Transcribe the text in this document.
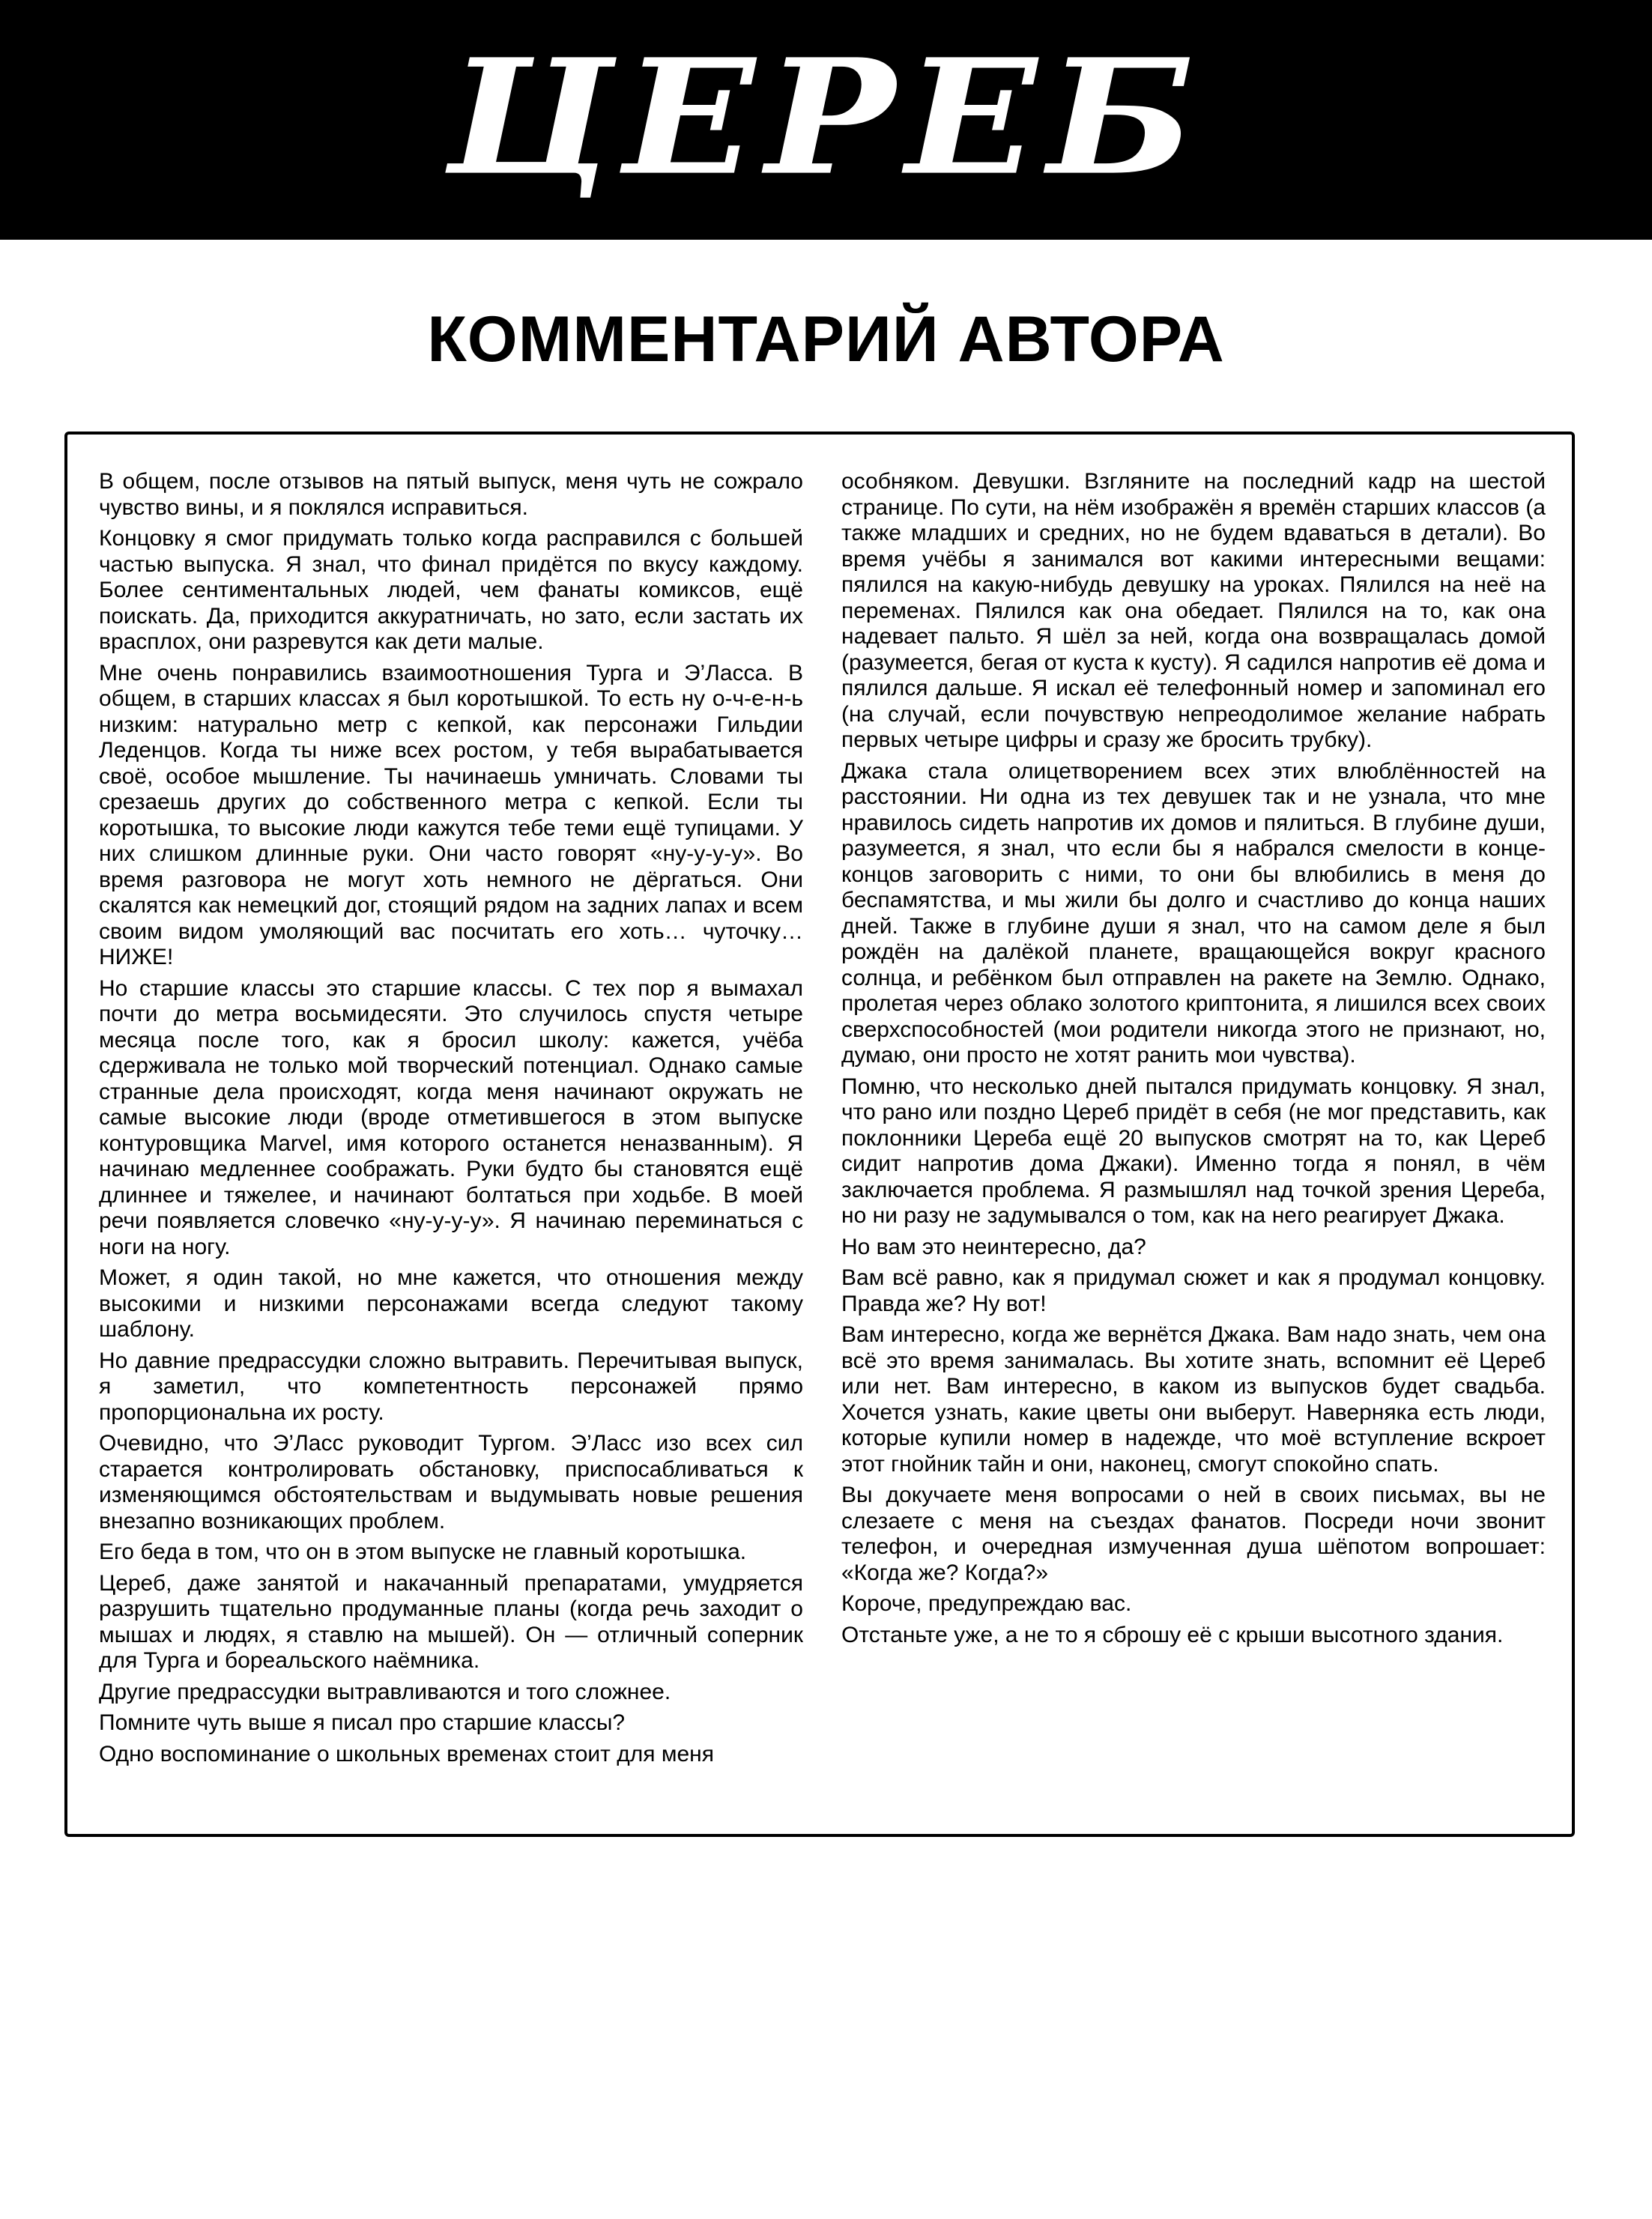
ЦЕРЕБ
КОММЕНТАРИЙ АВТОРА

В общем, после отзывов на пятый выпуск, меня чуть не сожрало чувство вины, и я поклялся исправиться.

Концовку я смог придумать только когда расправился с большей частью выпуска. Я знал, что финал придётся по вкусу каждому. Более сентиментальных людей, чем фанаты комиксов, ещё поискать. Да, приходится аккуратничать, но зато, если застать их врасплох, они разревутся как дети малые.

Мне очень понравились взаимоотношения Турга и Э’Ласса. В общем, в старших классах я был коротышкой. То есть ну о-ч-е-н-ь низким: натурально метр с кепкой, как персонажи Гильдии Леденцов. Когда ты ниже всех ростом, у тебя вырабатывается своё, особое мышление. Ты начинаешь умничать. Словами ты срезаешь других до собственного метра с кепкой. Если ты коротышка, то высокие люди кажутся тебе теми ещё тупицами. У них слишком длинные руки. Они часто говорят «ну-у-у-у». Во время разговора не могут хоть немного не дёргаться. Они скалятся как немецкий дог, стоящий рядом на задних лапах и всем своим видом умоляющий вас посчитать его хоть… чуточку… НИЖЕ!

Но старшие классы это старшие классы. С тех пор я вымахал почти до метра восьмидесяти. Это случилось спустя четыре месяца после того, как я бросил школу: кажется, учёба сдерживала не только мой творческий потенциал. Однако самые странные дела происходят, когда меня начинают окружать не самые высокие люди (вроде отметившегося в этом выпуске контуровщика Marvel, имя которого останется неназванным). Я начинаю медленнее соображать. Руки будто бы становятся ещё длиннее и тяжелее, и начинают болтаться при ходьбе. В моей речи появляется словечко «ну-у-у-у». Я начинаю переминаться с ноги на ногу.

Может, я один такой, но мне кажется, что отношения между высокими и низкими персонажами всегда следуют такому шаблону.

Но давние предрассудки сложно вытравить. Перечитывая выпуск, я заметил, что компетентность персонажей прямо пропорциональна их росту.

Очевидно, что Э’Ласс руководит Тургом. Э’Ласс изо всех сил старается контролировать обстановку, приспосабливаться к изменяющимся обстоятельствам и выдумывать новые решения внезапно возникающих проблем.

Его беда в том, что он в этом выпуске не главный коротышка.

Цереб, даже занятой и накачанный препаратами, умудряется разрушить тщательно продуманные планы (когда речь заходит о мышах и людях, я ставлю на мышей). Он — отличный соперник для Турга и бореальского наёмника.

Другие предрассудки вытравливаются и того сложнее.

Помните чуть выше я писал про старшие классы?

Одно воспоминание о школьных временах стоит для меня

особняком. Девушки. Взгляните на последний кадр на шестой странице. По сути, на нём изображён я времён старших классов (а также младших и средних, но не будем вдаваться в детали). Во время учёбы я занимался вот какими интересными вещами: пялился на какую-нибудь девушку на уроках. Пялился на неё на переменах. Пялился как она обедает. Пялился на то, как она надевает пальто. Я шёл за ней, когда она возвращалась домой (разумеется, бегая от куста к кусту). Я садился напротив её дома и пялился дальше. Я искал её телефонный номер и запоминал его (на случай, если почувствую непреодолимое желание набрать первых четыре цифры и сразу же бросить трубку).

Джака стала олицетворением всех этих влюблённостей на расстоянии. Ни одна из тех девушек так и не узнала, что мне нравилось сидеть напротив их домов и пялиться. В глубине души, разумеется, я знал, что если бы я набрался смелости в конце-концов заговорить с ними, то они бы влюбились в меня до беспамятства, и мы жили бы долго и счастливо до конца наших дней. Также в глубине души я знал, что на самом деле я был рождён на далёкой планете, вращающейся вокруг красного солнца, и ребёнком был отправлен на ракете на Землю. Однако, пролетая через облако золотого криптонита, я лишился всех своих сверхспособностей (мои родители никогда этого не признают, но, думаю, они просто не хотят ранить мои чувства).

Помню, что несколько дней пытался придумать концовку. Я знал, что рано или поздно Цереб придёт в себя (не мог представить, как поклонники Цереба ещё 20 выпусков смотрят на то, как Цереб сидит напротив дома Джаки). Именно тогда я понял, в чём заключается проблема. Я размышлял над точкой зрения Цереба, но ни разу не задумывался о том, как на него реагирует Джака.

Но вам это неинтересно, да?

Вам всё равно, как я придумал сюжет и как я продумал концовку. Правда же? Ну вот!

Вам интересно, когда же вернётся Джака. Вам надо знать, чем она всё это время занималась. Вы хотите знать, вспомнит её Цереб или нет. Вам интересно, в каком из выпусков будет свадьба. Хочется узнать, какие цветы они выберут. Наверняка есть люди, которые купили номер в надежде, что моё вступление вскроет этот гнойник тайн и они, наконец, смогут спокойно спать.

Вы докучаете меня вопросами о ней в своих письмах, вы не слезаете с меня на съездах фанатов. Посреди ночи звонит телефон, и очередная измученная душа шёпотом вопрошает: «Когда же? Когда?»

Короче, предупреждаю вас.

Отстаньте уже, а не то я сброшу её с крыши высотного здания.
